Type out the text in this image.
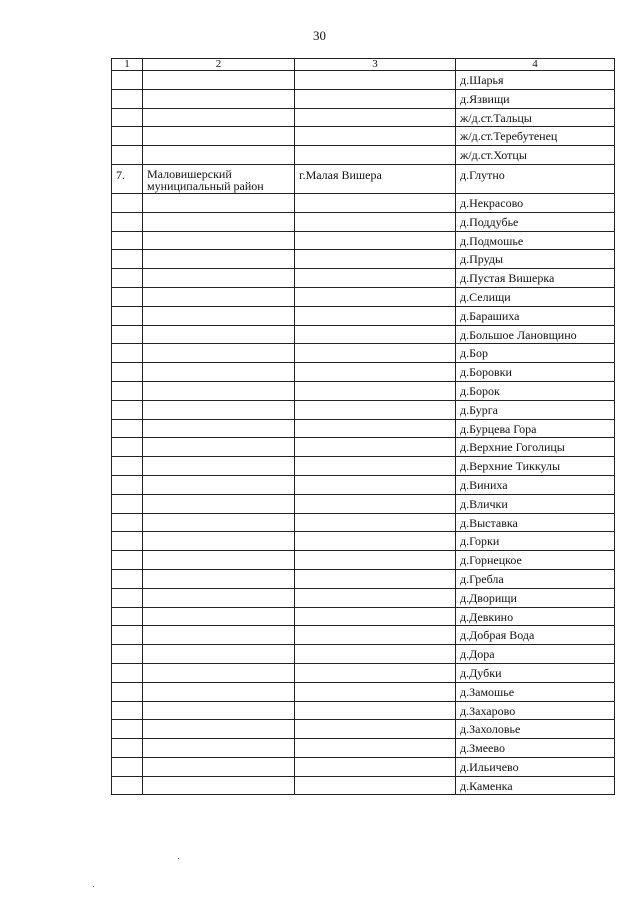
30
1	2	3	4
			д.Шарья
			д.Язвищи
			ж/д.ст.Тальцы
			ж/д.ст.Теребутенец
			ж/д.ст.Хотцы
7.	Маловишерский муниципальный район	г.Малая Вишера	д.Глутно
			д.Некрасово
			д.Поддубье
			д.Подмошье
			д.Пруды
			д.Пустая Вишерка
			д.Селищи
			д.Барашиха
			д.Большое Лановщино
			д.Бор
			д.Боровки
			д.Борок
			д.Бурга
			д.Бурцева Гора
			д.Верхние Гоголицы
			д.Верхние Тиккулы
			д.Виниха
			д.Влички
			д.Выставка
			д.Горки
			д.Горнецкое
			д.Гребла
			д.Дворищи
			д.Девкино
			д.Добрая Вода
			д.Дора
			д.Дубки
			д.Замошье
			д.Захарово
			д.Захоловье
			д.Змеево
			д.Ильичево
			д.Каменка
